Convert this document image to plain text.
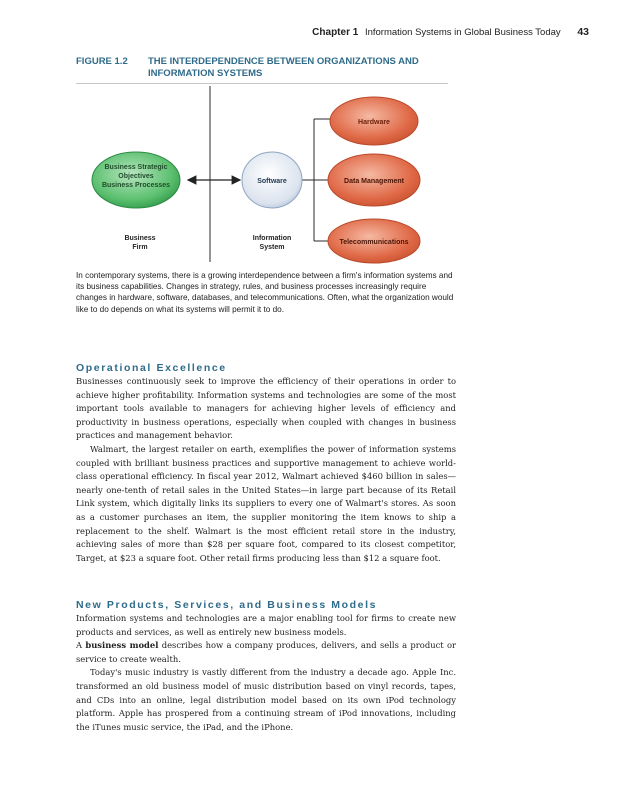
Chapter 1 Information Systems in Global Business Today 43
FIGURE 1.2 THE INTERDEPENDENCE BETWEEN ORGANIZATIONS AND INFORMATION SYSTEMS
Business Strategic
Objectives
Business Processes
Software
Hardware
Data Management
Telecommunications
Business
Firm
Information
System
In contemporary systems, there is a growing interdependence between a firm's information systems and its business capabilities. Changes in strategy, rules, and business processes increasingly require changes in hardware, software, databases, and telecommunications. Often, what the organization would like to do depends on what its systems will permit it to do.
Operational Excellence

Businesses continuously seek to improve the efficiency of their operations in order to achieve higher profitability. Information systems and technologies are some of the most important tools available to managers for achieving higher levels of efficiency and productivity in business operations, especially when coupled with changes in business practices and management behavior.

Walmart, the largest retailer on earth, exemplifies the power of information systems coupled with brilliant business practices and supportive management to achieve world-class operational efficiency. In fiscal year 2012, Walmart achieved $460 billion in sales—nearly one-tenth of retail sales in the United States—in large part because of its Retail Link system, which digitally links its suppliers to every one of Walmart's stores. As soon as a customer purchases an item, the supplier monitoring the item knows to ship a replacement to the shelf. Walmart is the most efficient retail store in the industry, achieving sales of more than $28 per square foot, compared to its closest competitor, Target, at $23 a square foot. Other retail firms producing less than $12 a square foot.

New Products, Services, and Business Models

Information systems and technologies are a major enabling tool for firms to create new products and services, as well as entirely new business models.

A business model describes how a company produces, delivers, and sells a product or service to create wealth.

Today's music industry is vastly different from the industry a decade ago. Apple Inc. transformed an old business model of music distribution based on vinyl records, tapes, and CDs into an online, legal distribution model based on its own iPod technology platform. Apple has prospered from a continuing stream of iPod innovations, including the iTunes music service, the iPad, and the iPhone.
